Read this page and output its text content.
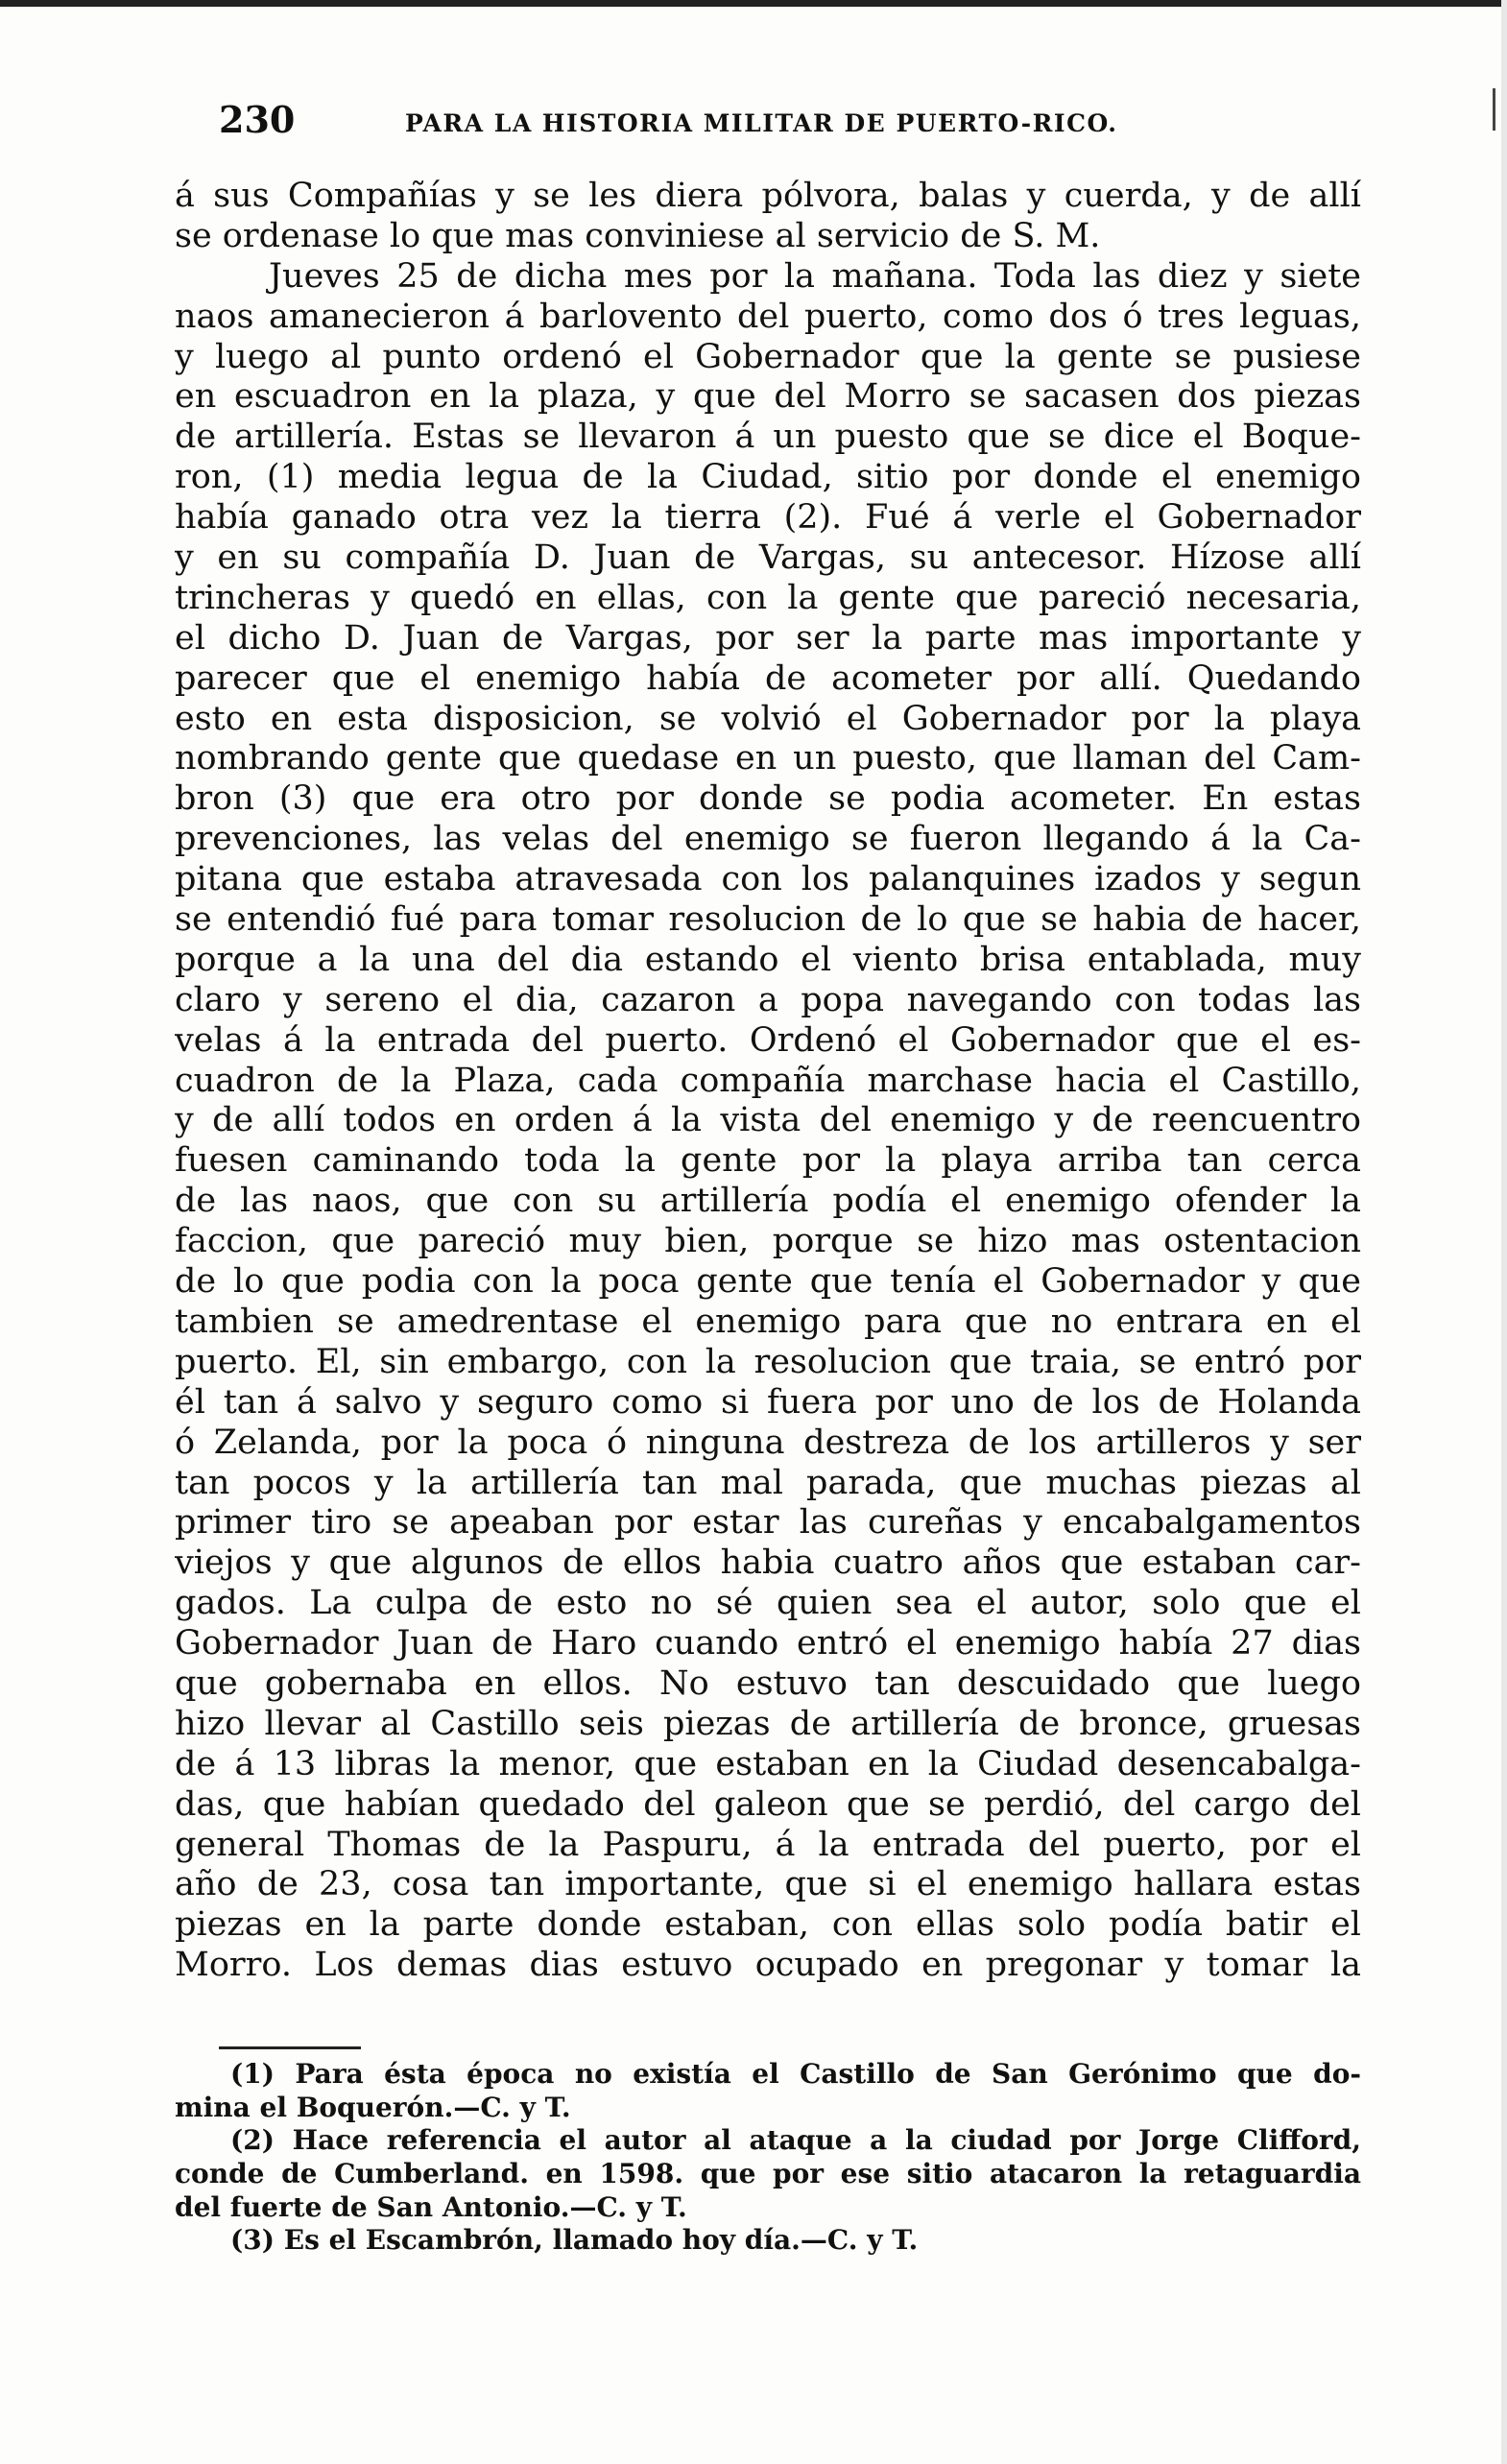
230	PARA LA HISTORIA MILITAR DE PUERTO-RICO.
á sus Compañías y se les diera pólvora, balas y cuerda, y de allí
se ordenase lo que mas conviniese al servicio de S. M.
Jueves 25 de dicha mes por la mañana. Toda las diez y siete
naos amanecieron á barlovento del puerto, como dos ó tres leguas,
y luego al punto ordenó el Gobernador que la gente se pusiese
en escuadron en la plaza, y que del Morro se sacasen dos piezas
de artillería. Estas se llevaron á un puesto que se dice el Boque-
ron, (1) media legua de la Ciudad, sitio por donde el enemigo
había ganado otra vez la tierra (2). Fué á verle el Gobernador
y en su compañía D. Juan de Vargas, su antecesor. Hízose allí
trincheras y quedó en ellas, con la gente que pareció necesaria,
el dicho D. Juan de Vargas, por ser la parte mas importante y
parecer que el enemigo había de acometer por allí. Quedando
esto en esta disposicion, se volvió el Gobernador por la playa
nombrando gente que quedase en un puesto, que llaman del Cam-
bron (3) que era otro por donde se podia acometer. En estas
prevenciones, las velas del enemigo se fueron llegando á la Ca-
pitana que estaba atravesada con los palanquines izados y segun
se entendió fué para tomar resolucion de lo que se habia de hacer,
porque a la una del dia estando el viento brisa entablada, muy
claro y sereno el dia, cazaron a popa navegando con todas las
velas á la entrada del puerto. Ordenó el Gobernador que el es-
cuadron de la Plaza, cada compañía marchase hacia el Castillo,
y de allí todos en orden á la vista del enemigo y de reencuentro
fuesen caminando toda la gente por la playa arriba tan cerca
de las naos, que con su artillería podía el enemigo ofender la
faccion, que pareció muy bien, porque se hizo mas ostentacion
de lo que podia con la poca gente que tenía el Gobernador y que
tambien se amedrentase el enemigo para que no entrara en el
puerto. El, sin embargo, con la resolucion que traia, se entró por
él tan á salvo y seguro como si fuera por uno de los de Holanda
ó Zelanda, por la poca ó ninguna destreza de los artilleros y ser
tan pocos y la artillería tan mal parada, que muchas piezas al
primer tiro se apeaban por estar las cureñas y encabalgamentos
viejos y que algunos de ellos habia cuatro años que estaban car-
gados. La culpa de esto no sé quien sea el autor, solo que el
Gobernador Juan de Haro cuando entró el enemigo había 27 dias
que gobernaba en ellos. No estuvo tan descuidado que luego
hizo llevar al Castillo seis piezas de artillería de bronce, gruesas
de á 13 libras la menor, que estaban en la Ciudad desencabalga-
das, que habían quedado del galeon que se perdió, del cargo del
general Thomas de la Paspuru, á la entrada del puerto, por el
año de 23, cosa tan importante, que si el enemigo hallara estas
piezas en la parte donde estaban, con ellas solo podía batir el
Morro. Los demas dias estuvo ocupado en pregonar y tomar la
(1) Para ésta época no existía el Castillo de San Gerónimo que do-
mina el Boquerón.—C. y T.
(2) Hace referencia el autor al ataque a la ciudad por Jorge Clifford,
conde de Cumberland. en 1598. que por ese sitio atacaron la retaguardia
del fuerte de San Antonio.—C. y T.
(3) Es el Escambrón, llamado hoy día.—C. y T.
